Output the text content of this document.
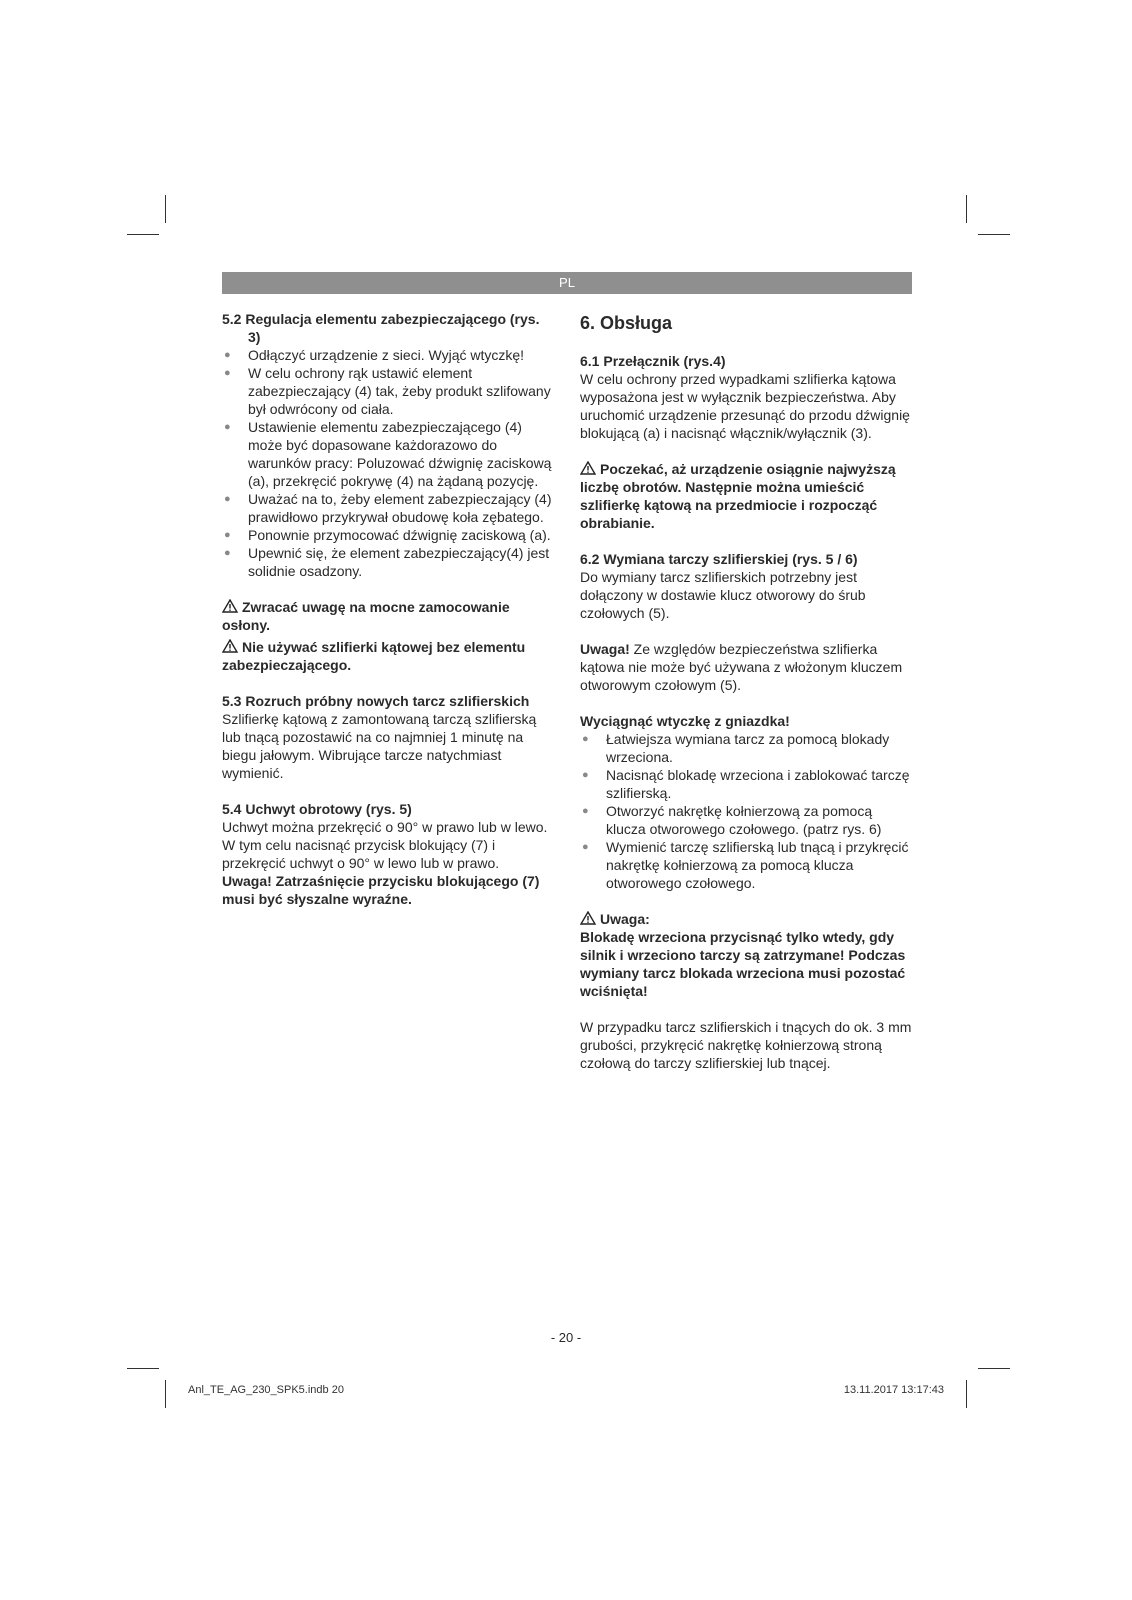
PL

5.2 Regulacja elementu zabezpieczającego (rys. 3)

● Odłączyć urządzenie z sieci. Wyjąć wtyczkę!
● W celu ochrony rąk ustawić element zabezpieczający (4) tak, żeby produkt szlifowany był odwrócony od ciała.
● Ustawienie elementu zabezpieczającego (4) może być dopasowane każdorazowo do warunków pracy: Poluzować dźwignię zaciskową (a), przekręcić pokrywę (4) na żądaną pozycję.
● Uważać na to, żeby element zabezpieczający (4) prawidłowo przykrywał obudowę koła zębatego.
● Ponownie przymocować dźwignię zaciskową (a).
● Upewnić się, że element zabezpieczający(4) jest solidnie osadzony.

Zwracać uwagę na mocne zamocowanie osłony.

Nie używać szlifierki kątowej bez elementu zabezpieczającego.

5.3 Rozruch próbny nowych tarcz szlifierskich

Szlifierkę kątową z zamontowaną tarczą szlifierską lub tnącą pozostawić na co najmniej 1 minutę na biegu jałowym. Wibrujące tarcze natychmiast wymienić.

5.4 Uchwyt obrotowy (rys. 5)

Uchwyt można przekręcić o 90° w prawo lub w lewo. W tym celu nacisnąć przycisk blokujący (7) i przekręcić uchwyt o 90° w lewo lub w prawo.

Uwaga! Zatrzaśnięcie przycisku blokującego (7) musi być słyszalne wyraźne.

6. Obsługa

6.1 Przełącznik (rys.4)

W celu ochrony przed wypadkami szlifierka kątowa wyposażona jest w wyłącznik bezpieczeństwa. Aby uruchomić urządzenie przesunąć do przodu dźwignię blokującą (a) i nacisnąć włącznik/wyłącznik (3).

Poczekać, aż urządzenie osiągnie najwyższą liczbę obrotów. Następnie można umieścić szlifierkę kątową na przedmiocie i rozpocząć obrabianie.

6.2 Wymiana tarczy szlifierskiej (rys. 5 / 6)

Do wymiany tarcz szlifierskich potrzebny jest dołączony w dostawie klucz otworowy do śrub czołowych (5).

Uwaga! Ze względów bezpieczeństwa szlifierka kątowa nie może być używana z włożonym kluczem otworowym czołowym (5).

Wyciągnąć wtyczkę z gniazdka!

● Łatwiejsza wymiana tarcz za pomocą blokady wrzeciona.
● Nacisnąć blokadę wrzeciona i zablokować tarczę szlifierską.
● Otworzyć nakrętkę kołnierzową za pomocą klucza otworowego czołowego. (patrz rys. 6)
● Wymienić tarczę szlifierską lub tnącą i przykręcić nakrętkę kołnierzową za pomocą klucza otworowego czołowego.

Uwaga:

Blokadę wrzeciona przycisnąć tylko wtedy, gdy silnik i wrzeciono tarczy są zatrzymane! Podczas wymiany tarcz blokada wrzeciona musi pozostać wciśnięta!

W przypadku tarcz szlifierskich i tnących do ok. 3 mm grubości, przykręcić nakrętkę kołnierzową stroną czołową do tarczy szlifierskiej lub tnącej.

- 20 -
Anl_TE_AG_230_SPK5.indb 20	13.11.2017 13:17:43
